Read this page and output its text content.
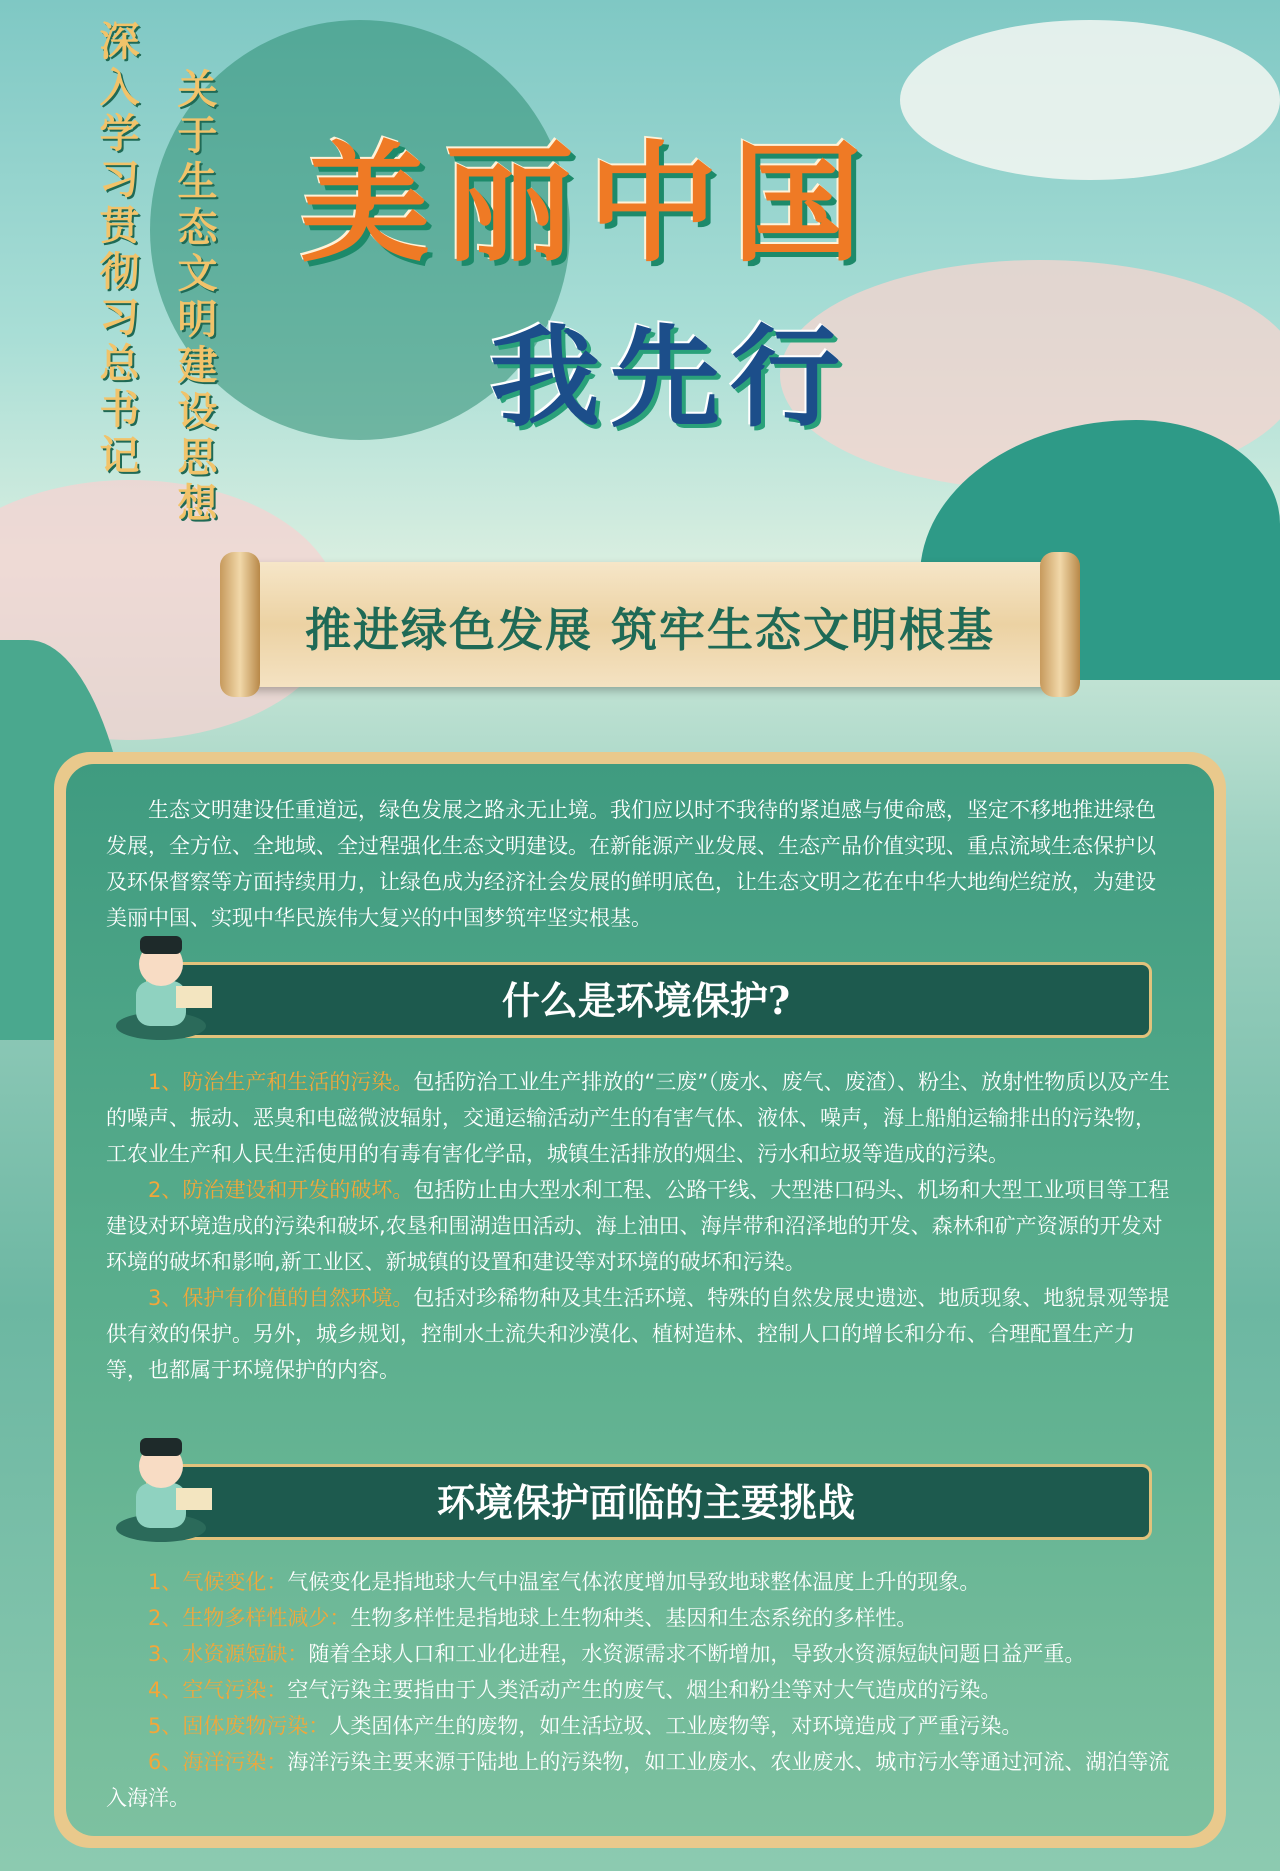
深入学习贯彻习总书记 关于生态文明建设思想 美丽中国
我先行
推进绿色发展 筑牢生态文明根基
生态文明建设任重道远，绿色发展之路永无止境。我们应以时不我待的紧迫感与使命感，坚定不移地推进绿色发展，全方位、全地域、全过程强化生态文明建设。在新能源产业发展、生态产品价值实现、重点流域生态保护以及环保督察等方面持续用力，让绿色成为经济社会发展的鲜明底色，让生态文明之花在中华大地绚烂绽放，为建设美丽中国、实现中华民族伟大复兴的中国梦筑牢坚实根基。
什么是环境保护?
1、防治生产和生活的污染。包括防治工业生产排放的“三废”（废水、废气、废渣）、粉尘、放射性物质以及产生的噪声、振动、恶臭和电磁微波辐射，交通运输活动产生的有害气体、液体、噪声，海上船舶运输排出的污染物，工农业生产和人民生活使用的有毒有害化学品，城镇生活排放的烟尘、污水和垃圾等造成的污染。
2、防治建设和开发的破坏。包括防止由大型水利工程、公路干线、大型港口码头、机场和大型工业项目等工程建设对环境造成的污染和破坏,农垦和围湖造田活动、海上油田、海岸带和沼泽地的开发、森林和矿产资源的开发对环境的破坏和影响,新工业区、新城镇的设置和建设等对环境的破坏和污染。
3、保护有价值的自然环境。包括对珍稀物种及其生活环境、特殊的自然发展史遗迹、地质现象、地貌景观等提供有效的保护。另外，城乡规划，控制水土流失和沙漠化、植树造林、控制人口的增长和分布、合理配置生产力等，也都属于环境保护的内容。
环境保护面临的主要挑战
1、气候变化：气候变化是指地球大气中温室气体浓度增加导致地球整体温度上升的现象。
2、生物多样性减少：生物多样性是指地球上生物种类、基因和生态系统的多样性。
3、水资源短缺：随着全球人口和工业化进程，水资源需求不断增加，导致水资源短缺问题日益严重。
4、空气污染：空气污染主要指由于人类活动产生的废气、烟尘和粉尘等对大气造成的污染。
5、固体废物污染：人类固体产生的废物，如生活垃圾、工业废物等，对环境造成了严重污染。
6、海洋污染：海洋污染主要来源于陆地上的污染物，如工业废水、农业废水、城市污水等通过河流、湖泊等流入海洋。
